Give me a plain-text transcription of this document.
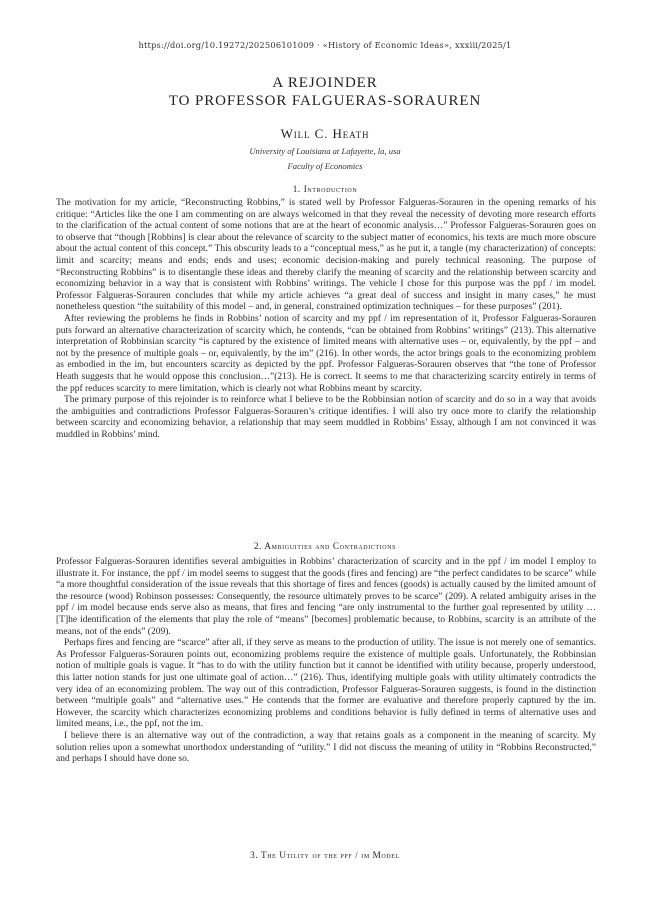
https://doi.org/10.19272/202506101009 · «History of Economic Ideas», xxxiii/2025/1
A REJOINDER
TO PROFESSOR FALGUERAS-SORAUREN
Will C. Heath
University of Louisiana at Lafayette, la, usa
Faculty of Economics
1. Introduction

The motivation for my article, “Reconstructing Robbins,” is stated well by Professor Falgueras-Sorauren in the opening remarks of his critique: “Articles like the one I am commenting on are always welcomed in that they reveal the necessity of devoting more research efforts to the clarification of the actual content of some notions that are at the heart of economic analysis…” Professor Falgueras-Sorauren goes on to observe that “though [Robbins] is clear about the relevance of scarcity to the subject matter of economics, his texts are much more obscure about the actual content of this concept.” This obscurity leads to a “conceptual mess,” as he put it, a tangle (my characterization) of concepts: limit and scarcity; means and ends; ends and uses; economic decision-making and purely technical reasoning. The purpose of “Reconstructing Robbins” is to disentangle these ideas and thereby clarify the meaning of scarcity and the relationship between scarcity and economizing behavior in a way that is consistent with Robbins’ writings. The vehicle I chose for this purpose was the ppf / im model. Professor Falgueras-Sorauren concludes that while my article achieves “a great deal of success and insight in many cases,” he must nonetheless question “the suitability of this model – and, in general, constrained optimization techniques – for these purposes” (201).

After reviewing the problems he finds in Robbins’ notion of scarcity and my ppf / im representation of it, Professor Falgueras-Sorauren puts forward an alternative characterization of scarcity which, he contends, “can be obtained from Robbins’ writings” (213). This alternative interpretation of Robbinsian scarcity “is captured by the existence of limited means with alternative uses – or, equivalently, by the ppf – and not by the presence of multiple goals – or, equivalently, by the im” (216). In other words, the actor brings goals to the economizing problem as embodied in the im, but encounters scarcity as depicted by the ppf. Professor Falgueras-Sorauren observes that “the tone of Professor Heath suggests that he would oppose this conclusion…”(213). He is correct. It seems to me that characterizing scarcity entirely in terms of the ppf reduces scarcity to mere limitation, which is clearly not what Robbins meant by scarcity.

The primary purpose of this rejoinder is to reinforce what I believe to be the Robbinsian notion of scarcity and do so in a way that avoids the ambiguities and contradictions Professor Falgueras-Sorauren’s critique identifies. I will also try once more to clarify the relationship between scarcity and economizing behavior, a relationship that may seem muddled in Robbins’ Essay, although I am not convinced it was muddled in Robbins’ mind.

2. Ambiguities and Contradictions

Professor Falgueras-Sorauren identifies several ambiguities in Robbins’ characterization of scarcity and in the ppf / im model I employ to illustrate it. For instance, the ppf / im model seems to suggest that the goods (fires and fencing) are “the perfect candidates to be scarce” while “a more thoughtful consideration of the issue reveals that this shortage of fires and fences (goods) is actually caused by the limited amount of the resource (wood) Robinson possesses: Consequently, the resource ultimately proves to be scarce” (209). A related ambiguity arises in the ppf / im model because ends serve also as means, that fires and fencing “are only instrumental to the further goal represented by utility … [T]he identification of the elements that play the role of “means” [becomes] problematic because, to Robbins, scarcity is an attribute of the means, not of the ends” (209).

Perhaps fires and fencing are “scarce” after all, if they serve as means to the production of utility. The issue is not merely one of semantics. As Professor Falgueras-Sorauren points out, economizing problems require the existence of multiple goals. Unfortunately, the Robbinsian notion of multiple goals is vague. It “has to do with the utility function but it cannot be identified with utility because, properly understood, this latter notion stands for just one ultimate goal of action…” (216). Thus, identifying multiple goals with utility ultimately contradicts the very idea of an economizing problem. The way out of this contradiction, Professor Falgueras-Sorauren suggests, is found in the distinction between “multiple goals” and “alternative uses.” He contends that the former are evaluative and therefore properly captured by the im. However, the scarcity which characterizes economizing problems and conditions behavior is fully defined in terms of alternative uses and limited means, i.e., the ppf, not the im.

I believe there is an alternative way out of the contradiction, a way that retains goals as a component in the meaning of scarcity. My solution relies upon a somewhat unorthodox understanding of “utility.” I did not discuss the meaning of utility in “Robbins Reconstructed,” and perhaps I should have done so.

3. The Utility of the ppf / im Model
